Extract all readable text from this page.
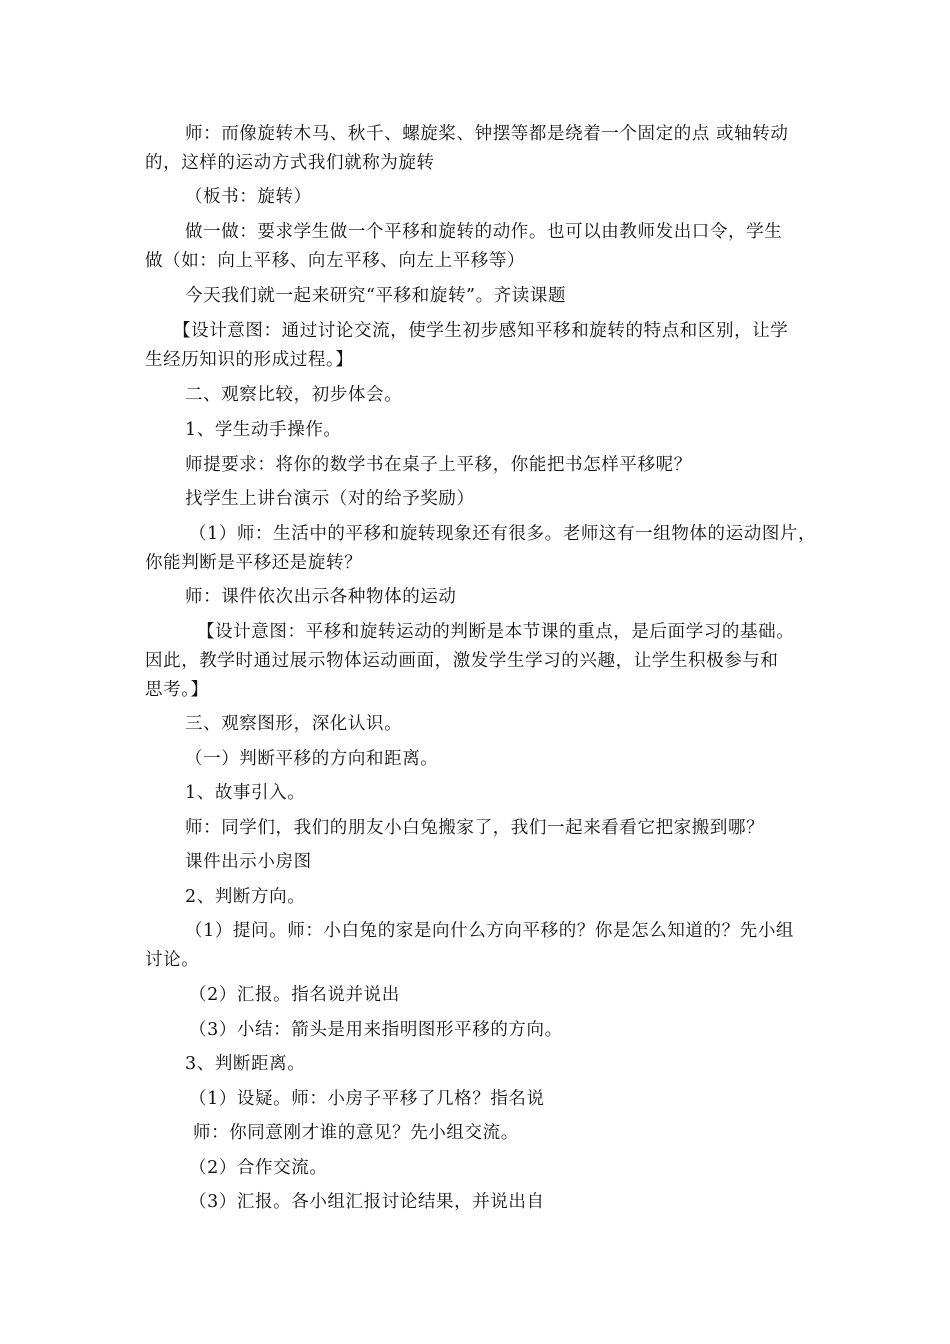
师：而像旋转木马、秋千、螺旋桨、钟摆等都是绕着一个固定的点 或轴转动
的，这样的运动方式我们就称为旋转
（板书：旋转）
做一做：要求学生做一个平移和旋转的动作。也可以由教师发出口令，学生
做（如：向上平移、向左平移、向左上平移等）
今天我们就一起来研究“平移和旋转”。齐读课题
【设计意图：通过讨论交流，使学生初步感知平移和旋转的特点和区别，让学
生经历知识的形成过程。】
二、观察比较，初步体会。
1、学生动手操作。
师提要求：将你的数学书在桌子上平移，你能把书怎样平移呢？
找学生上讲台演示（对的给予奖励）
（1）师：生活中的平移和旋转现象还有很多。老师这有一组物体的运动图片，
你能判断是平移还是旋转？
师：课件依次出示各种物体的运动
【设计意图：平移和旋转运动的判断是本节课的重点，是后面学习的基础。
因此，教学时通过展示物体运动画面，激发学生学习的兴趣，让学生积极参与和
思考。】
三、观察图形，深化认识。
（一）判断平移的方向和距离。
1、故事引入。
师：同学们，我们的朋友小白兔搬家了，我们一起来看看它把家搬到哪？
课件出示小房图
2、判断方向。
（1）提问。师：小白兔的家是向什么方向平移的？你是怎么知道的？先小组
讨论。
（2）汇报。指名说并说出
（3）小结：箭头是用来指明图形平移的方向。
3、判断距离。
（1）设疑。师：小房子平移了几格？指名说
师：你同意刚才谁的意见？先小组交流。
（2）合作交流。
（3）汇报。各小组汇报讨论结果，并说出自
